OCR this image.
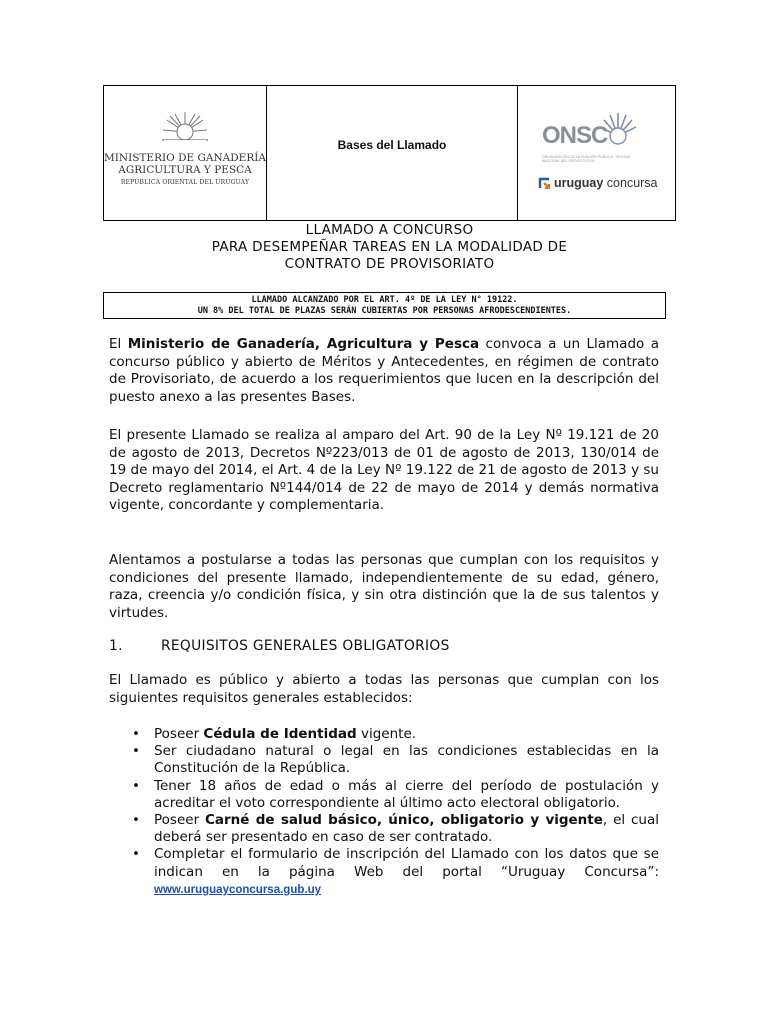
MINISTERIO DE GANADERÍA
AGRICULTURA Y PESCA
REPÚBLICA ORIENTAL DEL URUGUAY
Bases del Llamado	ONSC
ORGANIZACIÓN DE LA FUNCIÓN PÚBLICA · OFICINA NACIONAL DEL SERVICIO CIVIL
uruguay concursa
LLAMADO A CONCURSO
PARA DESEMPEÑAR TAREAS EN LA MODALIDAD DE
CONTRATO DE PROVISORIATO
LLAMADO ALCANZADO POR EL ART. 4º DE LA LEY N° 19122.
UN 8% DEL TOTAL DE PLAZAS SERÁN CUBIERTAS POR PERSONAS AFRODESCENDIENTES.
El Ministerio de Ganadería, Agricultura y Pesca convoca a un Llamado a concurso público y abierto de Méritos y Antecedentes, en régimen de contrato de Provisoriato, de acuerdo a los requerimientos que lucen en la descripción del puesto anexo a las presentes Bases.
El presente Llamado se realiza al amparo del Art. 90 de la Ley Nº 19.121 de 20 de agosto de 2013, Decretos Nº223/013 de 01 de agosto de 2013, 130/014 de 19 de mayo del 2014, el Art. 4 de la Ley Nº 19.122 de 21 de agosto de 2013 y su Decreto reglamentario Nº144/014 de 22 de mayo de 2014 y demás normativa vigente, concordante y complementaria.
Alentamos a postularse a todas las personas que cumplan con los requisitos y condiciones del presente llamado, independientemente de su edad, género, raza, creencia y/o condición física, y sin otra distinción que la de sus talentos y virtudes.
1.	REQUISITOS GENERALES OBLIGATORIOS
El Llamado es público y abierto a todas las personas que cumplan con los siguientes requisitos generales establecidos:
• Poseer Cédula de Identidad vigente.
• Ser ciudadano natural o legal en las condiciones establecidas en la Constitución de la República.
• Tener 18 años de edad o más al cierre del período de postulación y acreditar el voto correspondiente al último acto electoral obligatorio.
• Poseer Carné de salud básico, único, obligatorio y vigente, el cual deberá ser presentado en caso de ser contratado.
• Completar el formulario de inscripción del Llamado con los datos que se indican en la página Web del portal “Uruguay Concursa”: www.uruguayconcursa.gub.uy
